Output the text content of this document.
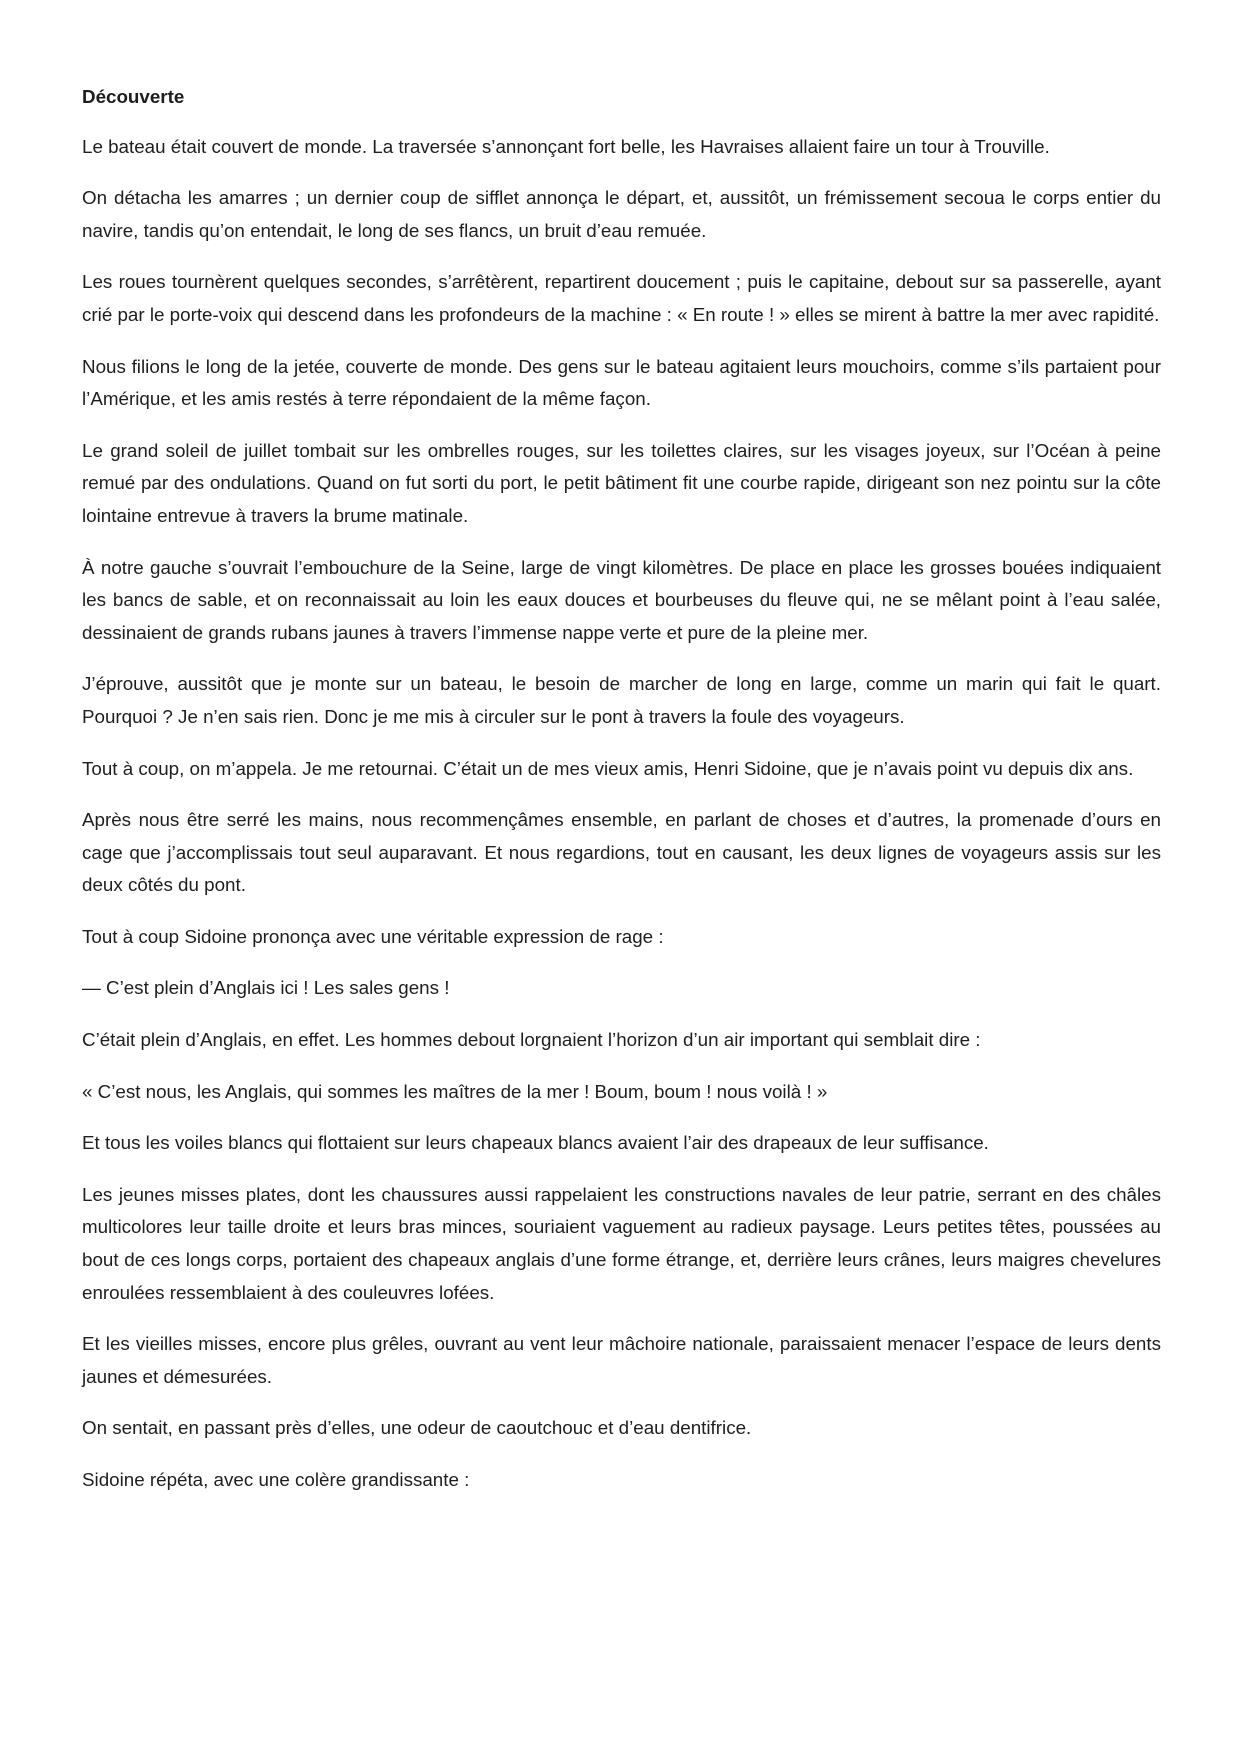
Découverte

Le bateau était couvert de monde. La traversée s’annonçant fort belle, les Havraises allaient faire un tour à Trouville.

On détacha les amarres ; un dernier coup de sifflet annonça le départ, et, aussitôt, un frémissement secoua le corps entier du navire, tandis qu’on entendait, le long de ses flancs, un bruit d’eau remuée.

Les roues tournèrent quelques secondes, s’arrêtèrent, repartirent doucement ; puis le capitaine, debout sur sa passerelle, ayant crié par le porte-voix qui descend dans les profondeurs de la machine : « En route ! » elles se mirent à battre la mer avec rapidité.

Nous filions le long de la jetée, couverte de monde. Des gens sur le bateau agitaient leurs mouchoirs, comme s’ils partaient pour l’Amérique, et les amis restés à terre répondaient de la même façon.

Le grand soleil de juillet tombait sur les ombrelles rouges, sur les toilettes claires, sur les visages joyeux, sur l’Océan à peine remué par des ondulations. Quand on fut sorti du port, le petit bâtiment fit une courbe rapide, dirigeant son nez pointu sur la côte lointaine entrevue à travers la brume matinale.

À notre gauche s’ouvrait l’embouchure de la Seine, large de vingt kilomètres. De place en place les grosses bouées indiquaient les bancs de sable, et on reconnaissait au loin les eaux douces et bourbeuses du fleuve qui, ne se mêlant point à l’eau salée, dessinaient de grands rubans jaunes à travers l’immense nappe verte et pure de la pleine mer.

J’éprouve, aussitôt que je monte sur un bateau, le besoin de marcher de long en large, comme un marin qui fait le quart. Pourquoi ? Je n’en sais rien. Donc je me mis à circuler sur le pont à travers la foule des voyageurs.

Tout à coup, on m’appela. Je me retournai. C’était un de mes vieux amis, Henri Sidoine, que je n’avais point vu depuis dix ans.

Après nous être serré les mains, nous recommençâmes ensemble, en parlant de choses et d’autres, la promenade d’ours en cage que j’accomplissais tout seul auparavant. Et nous regardions, tout en causant, les deux lignes de voyageurs assis sur les deux côtés du pont.

Tout à coup Sidoine prononça avec une véritable expression de rage :

— C’est plein d’Anglais ici ! Les sales gens !

C’était plein d’Anglais, en effet. Les hommes debout lorgnaient l’horizon d’un air important qui semblait dire :

« C’est nous, les Anglais, qui sommes les maîtres de la mer ! Boum, boum ! nous voilà ! »

Et tous les voiles blancs qui flottaient sur leurs chapeaux blancs avaient l’air des drapeaux de leur suffisance.

Les jeunes misses plates, dont les chaussures aussi rappelaient les constructions navales de leur patrie, serrant en des châles multicolores leur taille droite et leurs bras minces, souriaient vaguement au radieux paysage. Leurs petites têtes, poussées au bout de ces longs corps, portaient des chapeaux anglais d’une forme étrange, et, derrière leurs crânes, leurs maigres chevelures enroulées ressemblaient à des couleuvres lofées.

Et les vieilles misses, encore plus grêles, ouvrant au vent leur mâchoire nationale, paraissaient menacer l’espace de leurs dents jaunes et démesurées.

On sentait, en passant près d’elles, une odeur de caoutchouc et d’eau dentifrice.

Sidoine répéta, avec une colère grandissante :
